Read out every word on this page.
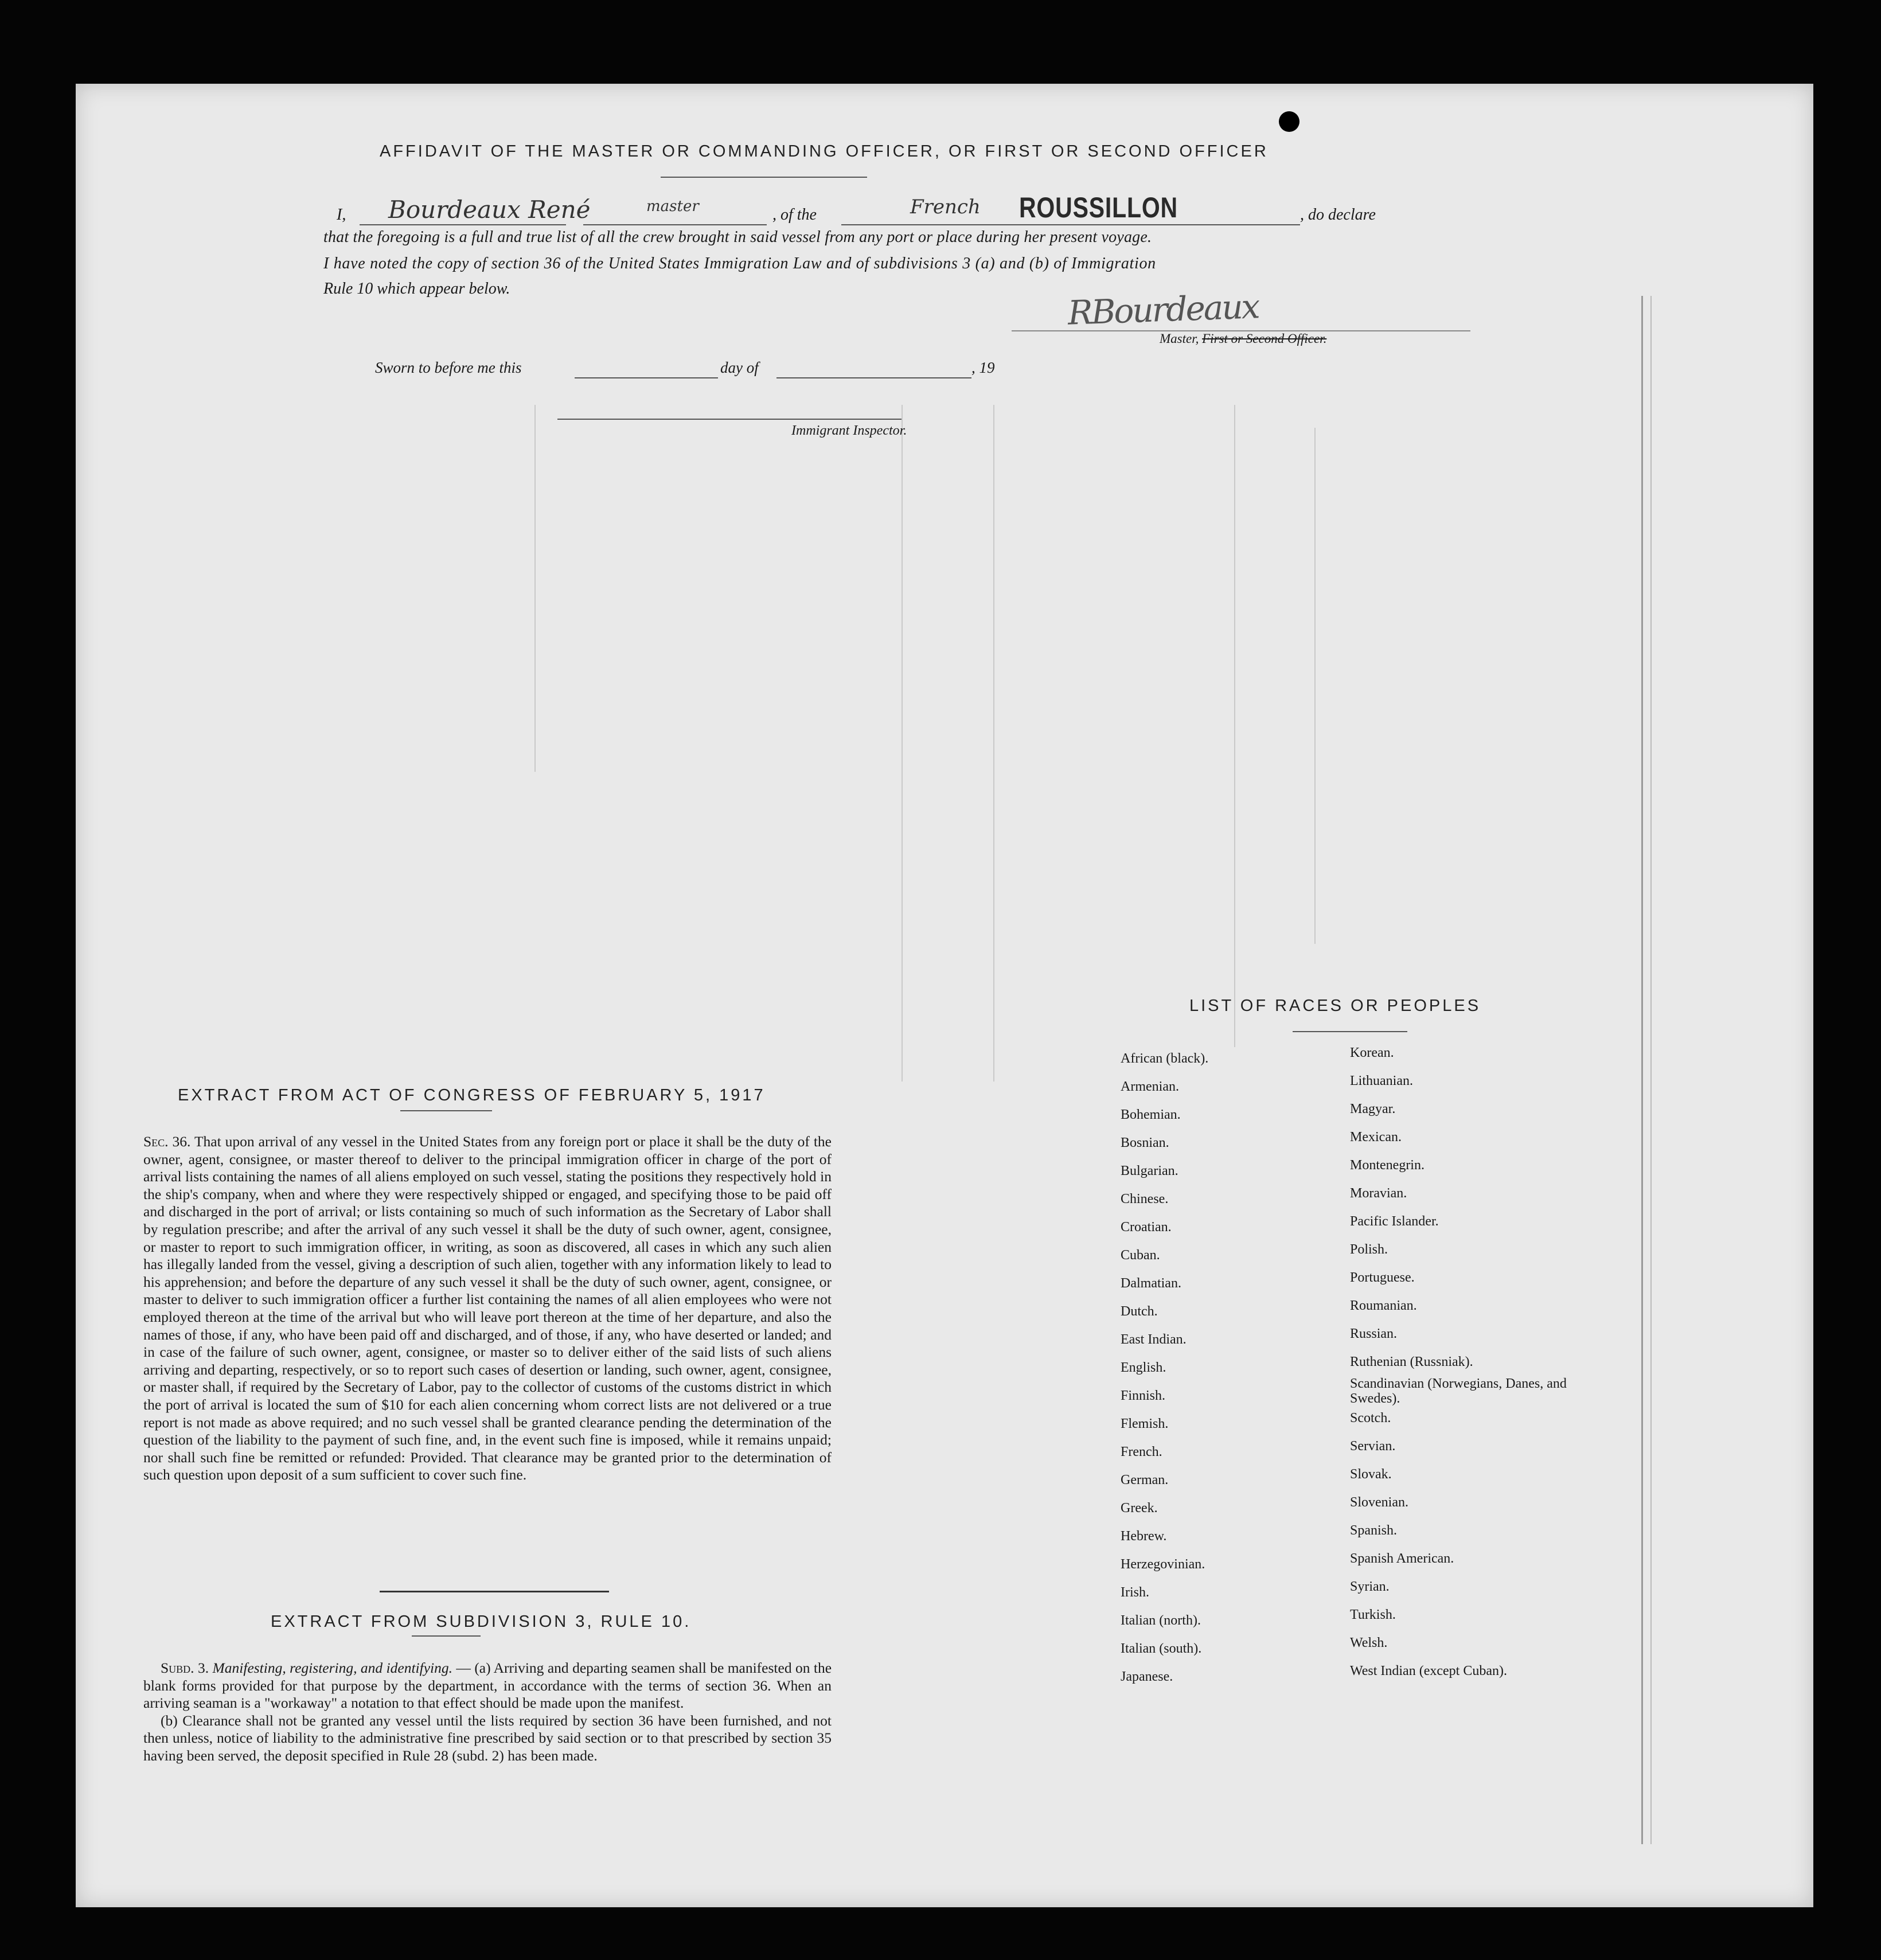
AFFIDAVIT OF THE MASTER OR COMMANDING OFFICER, OR FIRST OR SECOND OFFICER
I, Bourdeaux René	master	, of the	French ROUSSILLON	, do declare
that the foregoing is a full and true list of all the crew brought in said vessel from any port or place during her present voyage.
I have noted the copy of section 36 of the United States Immigration Law and of subdivisions 3 (a) and (b) of Immigration
Rule 10 which appear below.	RBourdeaux
Master, First or Second Officer.
Sworn to before me this	day of	, 19
Immigrant Inspector.
LIST OF RACES OR PEOPLES
African (black).
Armenian.
Bohemian.
Bosnian.
Bulgarian.
Chinese.
Croatian.
Cuban.
Dalmatian.
Dutch.
East Indian.
English.
Finnish.
Flemish.
French.
German.
Greek.
Hebrew.
Herzegovinian.
Irish.
Italian (north).
Italian (south).
Japanese.
Korean.
Lithuanian.
Magyar.
Mexican.
Montenegrin.
Moravian.
Pacific Islander.
Polish.
Portuguese.
Roumanian.
Russian.
Ruthenian (Russniak).
Scandinavian (Norwegians, Danes, and Swedes).
Scotch.
Servian.
Slovak.
Slovenian.
Spanish.
Spanish American.
Syrian.
Turkish.
Welsh.
West Indian (except Cuban).
EXTRACT FROM ACT OF CONGRESS OF FEBRUARY 5, 1917
Sec. 36. That upon arrival of any vessel in the United States from any foreign port or place it shall be the duty of the owner, agent, consignee, or master thereof to deliver to the principal immigration officer in charge of the port of arrival lists containing the names of all aliens employed on such vessel, stating the positions they respectively hold in the ship's company, when and where they were respectively shipped or engaged, and specifying those to be paid off and discharged in the port of arrival; or lists containing so much of such information as the Secretary of Labor shall by regulation prescribe; and after the arrival of any such vessel it shall be the duty of such owner, agent, consignee, or master to report to such immigration officer, in writing, as soon as discovered, all cases in which any such alien has illegally landed from the vessel, giving a description of such alien, together with any information likely to lead to his apprehension; and before the departure of any such vessel it shall be the duty of such owner, agent, consignee, or master to deliver to such immigration officer a further list containing the names of all alien employees who were not employed thereon at the time of the arrival but who will leave port thereon at the time of her departure, and also the names of those, if any, who have been paid off and discharged, and of those, if any, who have deserted or landed; and in case of the failure of such owner, agent, consignee, or master so to deliver either of the said lists of such aliens arriving and departing, respectively, or so to report such cases of desertion or landing, such owner, agent, consignee, or master shall, if required by the Secretary of Labor, pay to the collector of customs of the customs district in which the port of arrival is located the sum of $10 for each alien concerning whom correct lists are not delivered or a true report is not made as above required; and no such vessel shall be granted clearance pending the determination of the question of the liability to the payment of such fine, and, in the event such fine is imposed, while it remains unpaid; nor shall such fine be remitted or refunded: Provided. That clearance may be granted prior to the determination of such question upon deposit of a sum sufficient to cover such fine.
EXTRACT FROM SUBDIVISION 3, RULE 10.
Subd. 3. Manifesting, registering, and identifying. — (a) Arriving and departing seamen shall be manifested on the blank forms provided for that purpose by the department, in accordance with the terms of section 36. When an arriving seaman is a "workaway" a notation to that effect should be made upon the manifest.
(b) Clearance shall not be granted any vessel until the lists required by section 36 have been furnished, and not then unless, notice of liability to the administrative fine prescribed by said section or to that prescribed by section 35 having been served, the deposit specified in Rule 28 (subd. 2) has been made.
